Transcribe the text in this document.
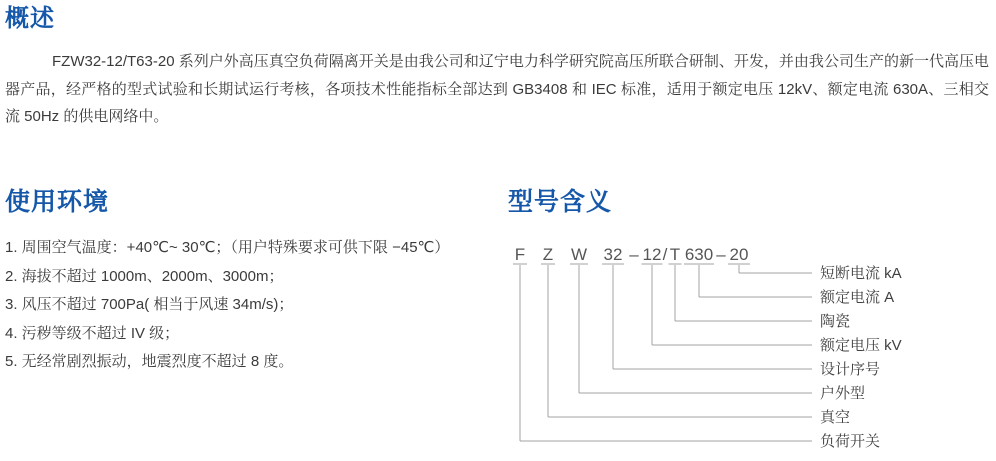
概述

FZW32-12/T63-20 系列户外高压真空负荷隔离开关是由我公司和辽宁电力科学研究院高压所联合研制、开发，并由我公司生产的新一代高压电器产品，经严格的型式试验和长期试运行考核，各项技术性能指标全部达到 GB3408 和 IEC 标准，适用于额定电压 12kV、额定电流 630A、三相交流 50Hz 的供电网络中。

使用环境
1. 周围空气温度：+40℃~ 30℃；（用户特殊要求可供下限 −45℃）
2. 海拔不超过 1000m、2000m、3000m；
3. 风压不超过 700Pa( 相当于风速 34m/s)；
4. 污秽等级不超过 IV 级；
5. 无经常剧烈振动，地震烈度不超过 8 度。
型号含义
F
负荷开关
Z
真空
W
户外型
32
设计序号
– 12
额定电压 kV
/ T
陶瓷
630
额定电流 A
– 20
短断电流 kA
